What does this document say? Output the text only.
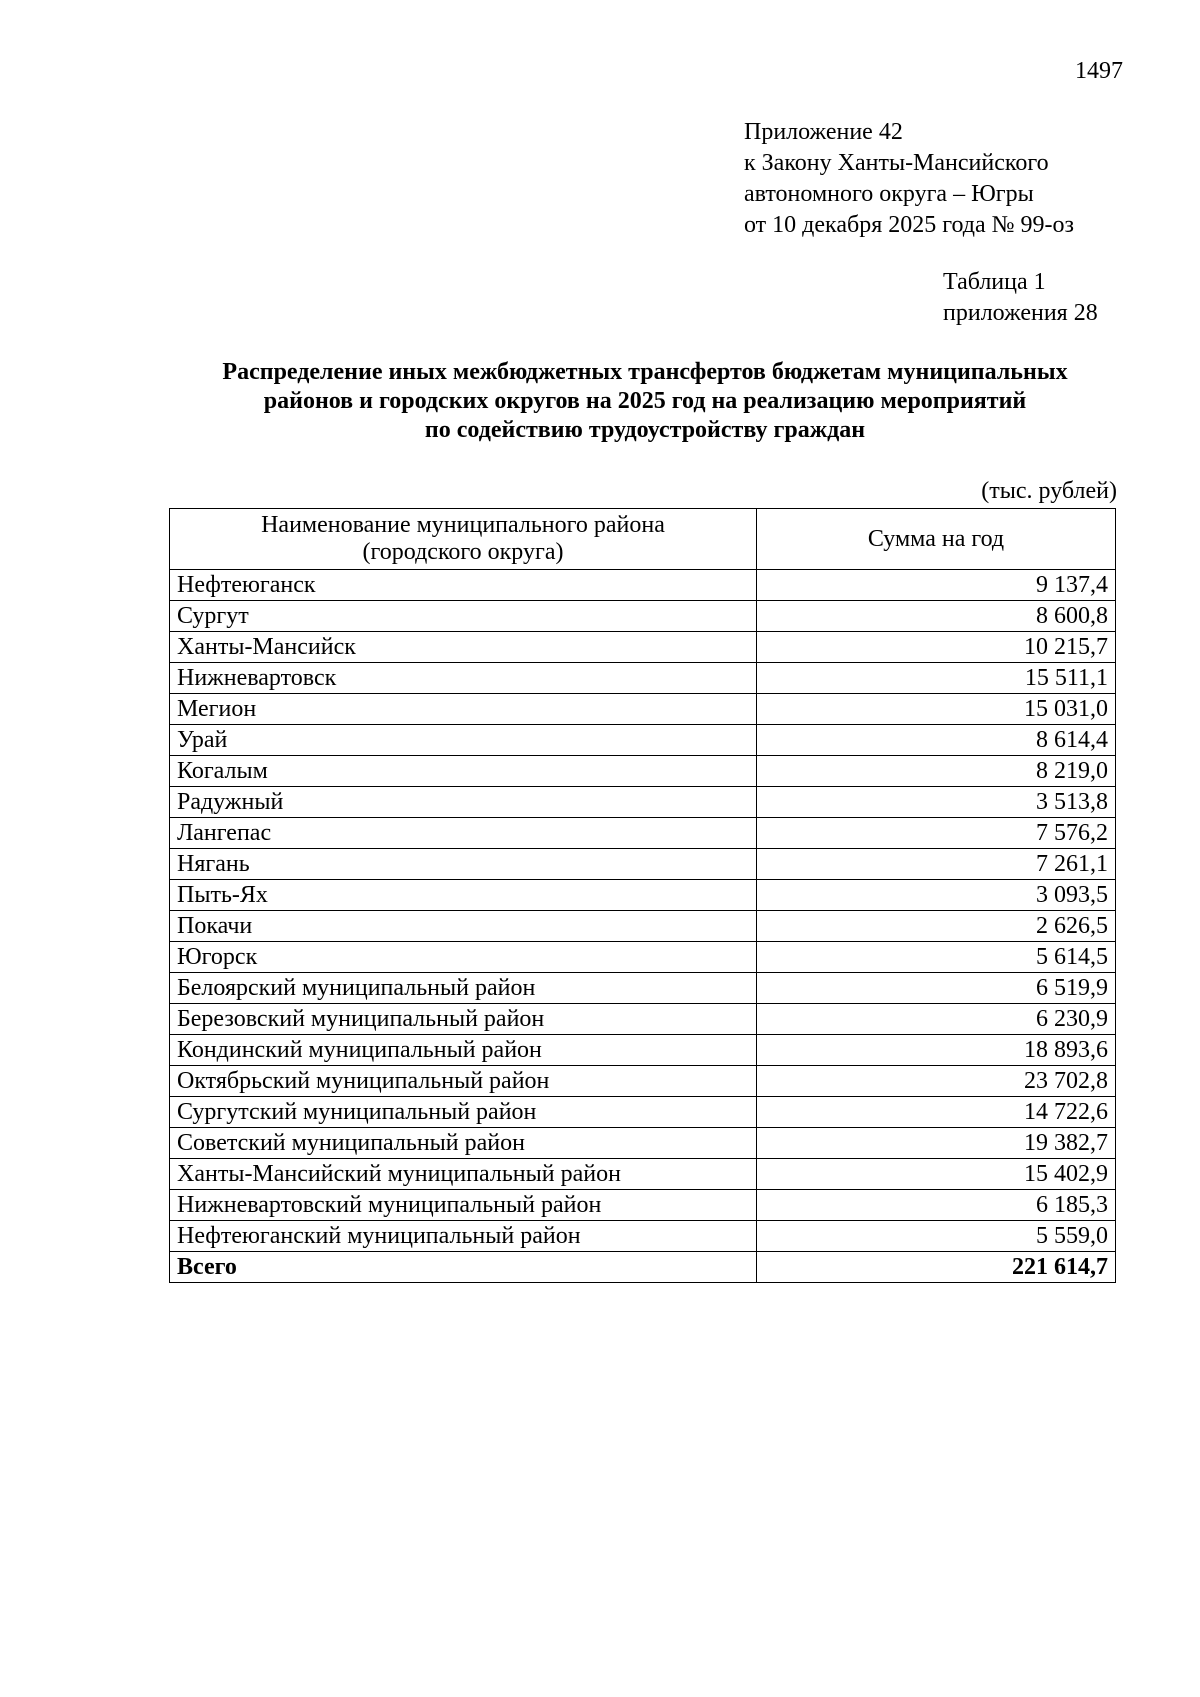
1497
Приложение 42
к Закону Ханты-Мансийского
автономного округа – Югры
от 10 декабря 2025 года № 99-оз
Таблица 1
приложения 28
Распределение иных межбюджетных трансфертов бюджетам муниципальных
районов и городских округов на 2025 год на реализацию мероприятий
по содействию трудоустройству граждан
(тыс. рублей)
Наименование муниципального района
(городского округа)	Сумма на год
Нефтеюганск	9 137,4
Сургут	8 600,8
Ханты-Мансийск	10 215,7
Нижневартовск	15 511,1
Мегион	15 031,0
Урай	8 614,4
Когалым	8 219,0
Радужный	3 513,8
Лангепас	7 576,2
Нягань	7 261,1
Пыть-Ях	3 093,5
Покачи	2 626,5
Югорск	5 614,5
Белоярский муниципальный район	6 519,9
Березовский муниципальный район	6 230,9
Кондинский муниципальный район	18 893,6
Октябрьский муниципальный район	23 702,8
Сургутский муниципальный район	14 722,6
Советский муниципальный район	19 382,7
Ханты-Мансийский муниципальный район	15 402,9
Нижневартовский муниципальный район	6 185,3
Нефтеюганский муниципальный район	5 559,0
Всего	221 614,7
